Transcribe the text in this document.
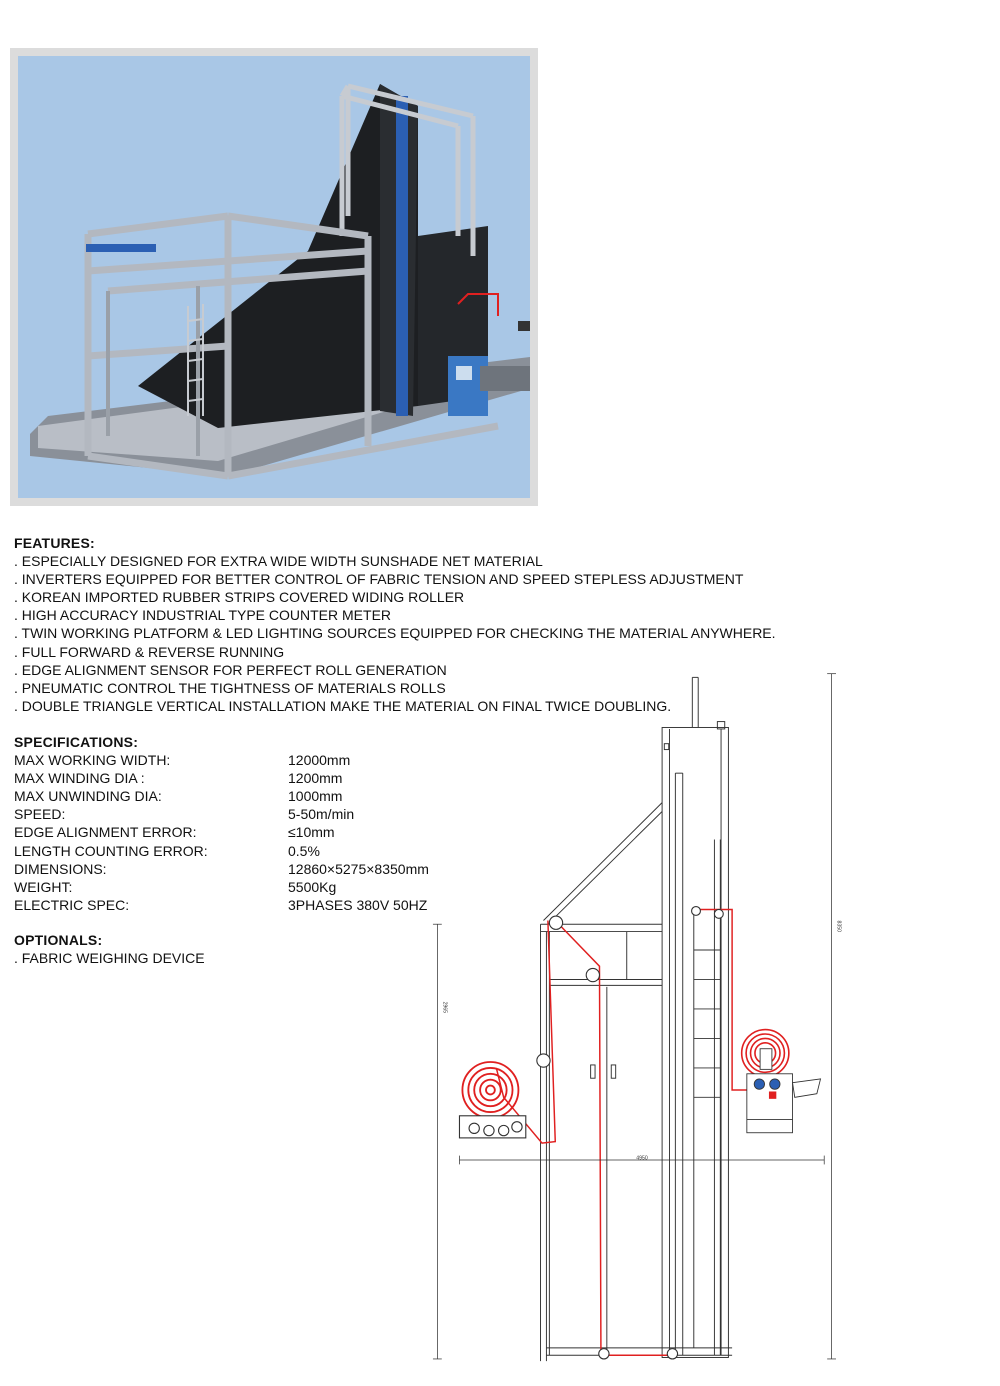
FEATURES:
. ESPECIALLY DESIGNED FOR EXTRA WIDE WIDTH SUNSHADE NET MATERIAL
. INVERTERS EQUIPPED FOR BETTER CONTROL OF FABRIC TENSION AND SPEED STEPLESS ADJUSTMENT
. KOREAN IMPORTED RUBBER STRIPS COVERED WIDING ROLLER
. HIGH ACCURACY INDUSTRIAL TYPE COUNTER METER
. TWIN WORKING PLATFORM & LED LIGHTING SOURCES EQUIPPED FOR CHECKING THE MATERIAL ANYWHERE.
. FULL FORWARD & REVERSE RUNNING
. EDGE ALIGNMENT SENSOR FOR PERFECT ROLL GENERATION
. PNEUMATIC CONTROL THE TIGHTNESS OF MATERIALS ROLLS
. DOUBLE TRIANGLE VERTICAL INSTALLATION MAKE THE MATERIAL ON FINAL TWICE DOUBLING.
SPECIFICATIONS:
MAX WORKING WIDTH:	12000mm
MAX WINDING DIA :	1200mm
MAX UNWINDING DIA:	1000mm
SPEED:	5-50m/min
EDGE ALIGNMENT ERROR:	≤10mm
LENGTH COUNTING ERROR:	0.5%
DIMENSIONS:	12860×5275×8350mm
WEIGHT:	5500Kg
ELECTRIC SPEC:	3PHASES 380V 50HZ
OPTIONALS:
. FABRIC WEIGHING DEVICE
8350
2965
4950
